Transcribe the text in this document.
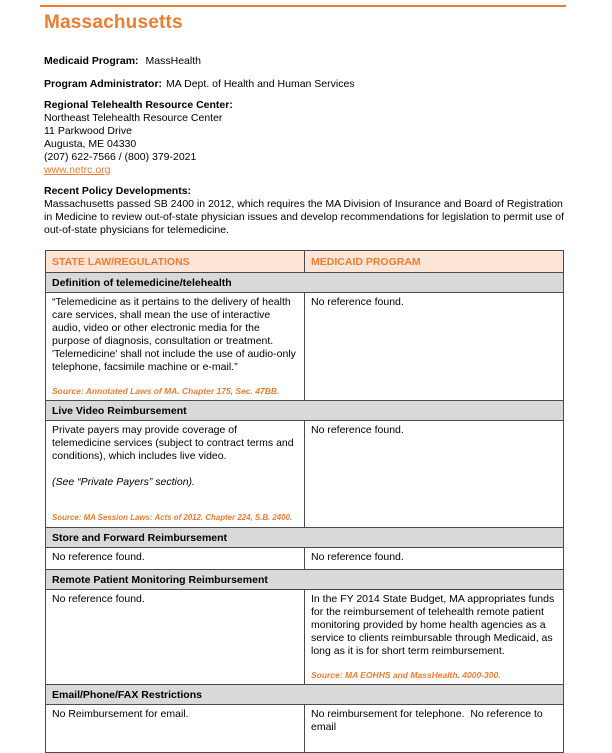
Massachusetts
Medicaid Program: MassHealth
Program Administrator: MA Dept. of Health and Human Services
Regional Telehealth Resource Center:
Northeast Telehealth Resource Center
11 Parkwood Drive
Augusta, ME 04330
(207) 622-7566 / (800) 379-2021
www.netrc.org
Recent Policy Developments:
Massachusetts passed SB 2400 in 2012, which requires the MA Division of Insurance and Board of Registration in Medicine to review out-of-state physician issues and develop recommendations for legislation to permit use of out-of-state physicians for telemedicine.
STATE LAW/REGULATIONS	MEDICAID PROGRAM
Definition of telemedicine/telehealth	

“Telemedicine as it pertains to the delivery of health care services, shall mean the use of interactive audio, video or other electronic media for the purpose of diagnosis, consultation or treatment. 'Telemedicine' shall not include the use of audio-only telephone, facsimile machine or e-mail.”
Source: Annotated Laws of MA. Chapter 175, Sec. 47BB.	No reference found.

Live Video Reimbursement	

Private payers may provide coverage of telemedicine services (subject to contract terms and conditions), which includes live video.
(See “Private Payers” section).
Source: MA Session Laws: Acts of 2012. Chapter 224, S.B. 2400.	No reference found.

Store and Forward Reimbursement	

No reference found.	No reference found.

Remote Patient Monitoring Reimbursement	

No reference found.	In the FY 2014 State Budget, MA appropriates funds for the reimbursement of telehealth remote patient monitoring provided by home health agencies as a service to clients reimbursable through Medicaid, as long as it is for short term reimbursement.
Source: MA EOHHS and MassHealth. 4000-300.

Email/Phone/FAX Restrictions	

No Reimbursement for email.	No reimbursement for telephone.  No reference to email
